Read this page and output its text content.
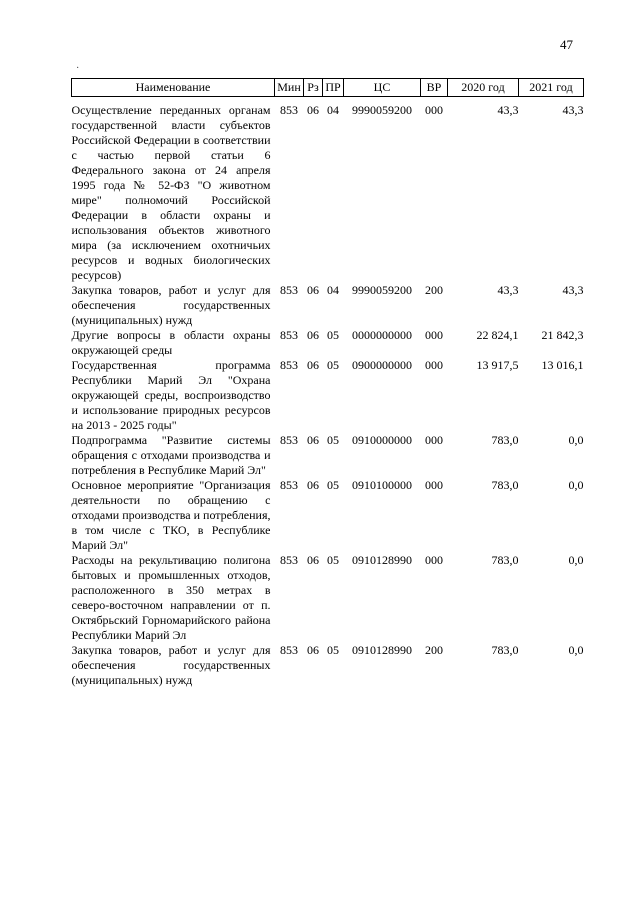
47
·
Наименование	Мин	Рз	ПР	ЦС	ВР	2020 год	2021 год

Осуществление переданных органам государственной власти субъектов Российской Федерации в соответствии с частью первой статьи 6 Федерального закона от 24 апреля 1995 года № 52-ФЗ "О животном мире" полномочий Российской Федерации в области охраны и использования объектов животного мира (за исключением охотничьих ресурсов и водных биологических ресурсов)	853	06	04	9990059200	000	43,3	43,3
Закупка товаров, работ и услуг для обеспечения государственных (муниципальных) нужд	853	06	04	9990059200	200	43,3	43,3
Другие вопросы в области охраны окружающей среды	853	06	05	0000000000	000	22 824,1	21 842,3
Государственная программа Республики Марий Эл "Охрана окружающей среды, воспроизводство и использование природных ресурсов на 2013 - 2025 годы"	853	06	05	0900000000	000	13 917,5	13 016,1
Подпрограмма "Развитие системы обращения с отходами производства и потребления в Республике Марий Эл"	853	06	05	0910000000	000	783,0	0,0
Основное мероприятие "Организация деятельности по обращению с отходами производства и потребления, в том числе с ТКО, в Республике Марий Эл"	853	06	05	0910100000	000	783,0	0,0
Расходы на рекультивацию полигона бытовых и промышленных отходов, расположенного в 350 метрах в северо-восточном направлении от п. Октябрьский Горномарийского района Республики Марий Эл	853	06	05	0910128990	000	783,0	0,0
Закупка товаров, работ и услуг для обеспечения государственных (муниципальных) нужд	853	06	05	0910128990	200	783,0	0,0
